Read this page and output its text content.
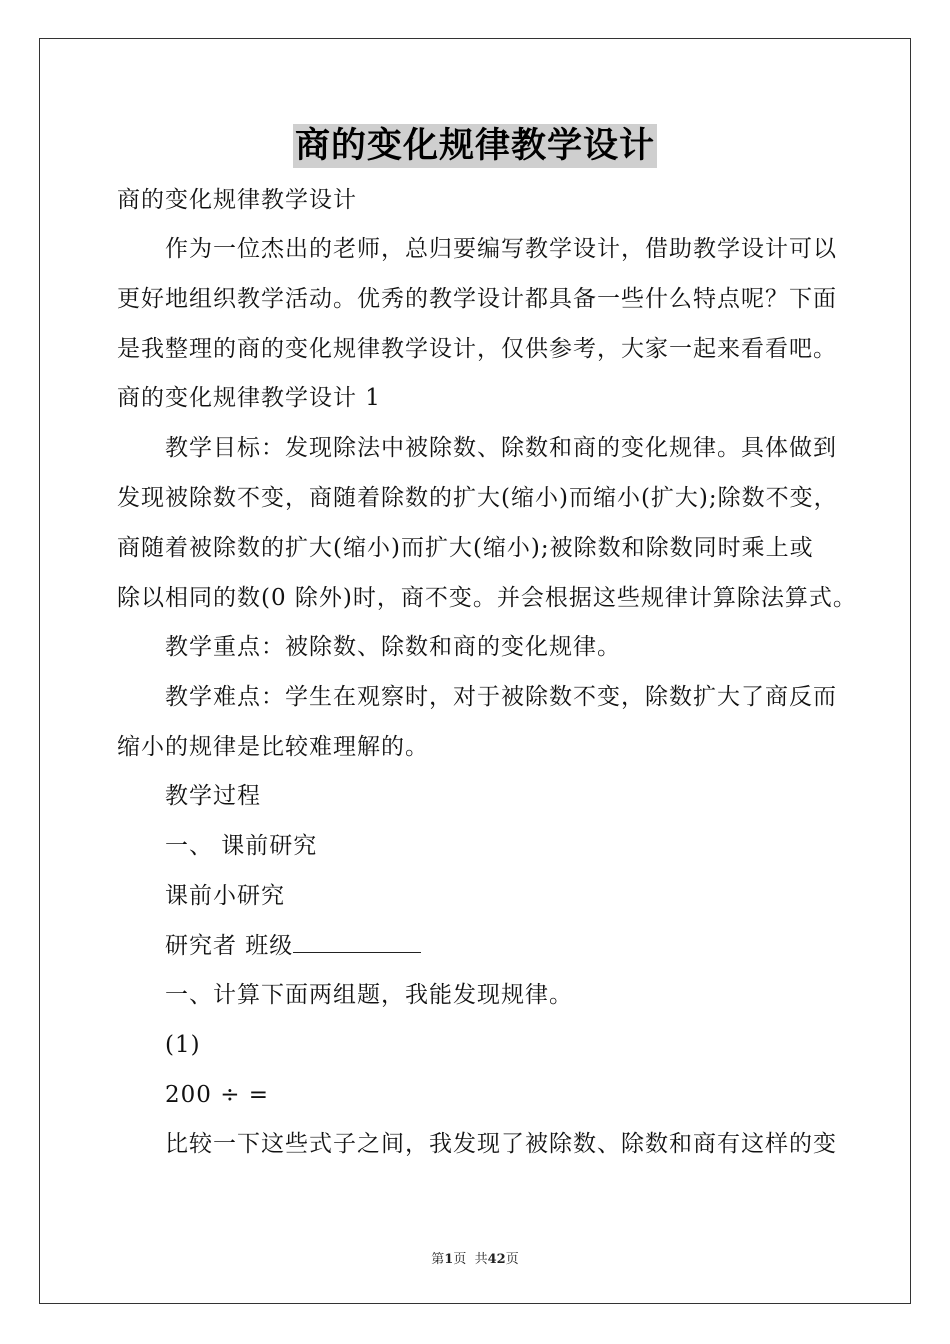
商的变化规律教学设计
商的变化规律教学设计
作为一位杰出的老师，总归要编写教学设计，借助教学设计可以
更好地组织教学活动。优秀的教学设计都具备一些什么特点呢？下面
是我整理的商的变化规律教学设计，仅供参考，大家一起来看看吧。
商的变化规律教学设计 1
教学目标：发现除法中被除数、除数和商的变化规律。具体做到
发现被除数不变，商随着除数的扩大(缩小)而缩小(扩大);除数不变，
商随着被除数的扩大(缩小)而扩大(缩小);被除数和除数同时乘上或
除以相同的数(0 除外)时，商不变。并会根据这些规律计算除法算式。
教学重点：被除数、除数和商的变化规律。
教学难点：学生在观察时，对于被除数不变，除数扩大了商反而
缩小的规律是比较难理解的。
教学过程
一、 课前研究
课前小研究
研究者 班级
一、计算下面两组题，我能发现规律。
(1)
200 ÷ =
比较一下这些式子之间，我发现了被除数、除数和商有这样的变
第1页  共42页
